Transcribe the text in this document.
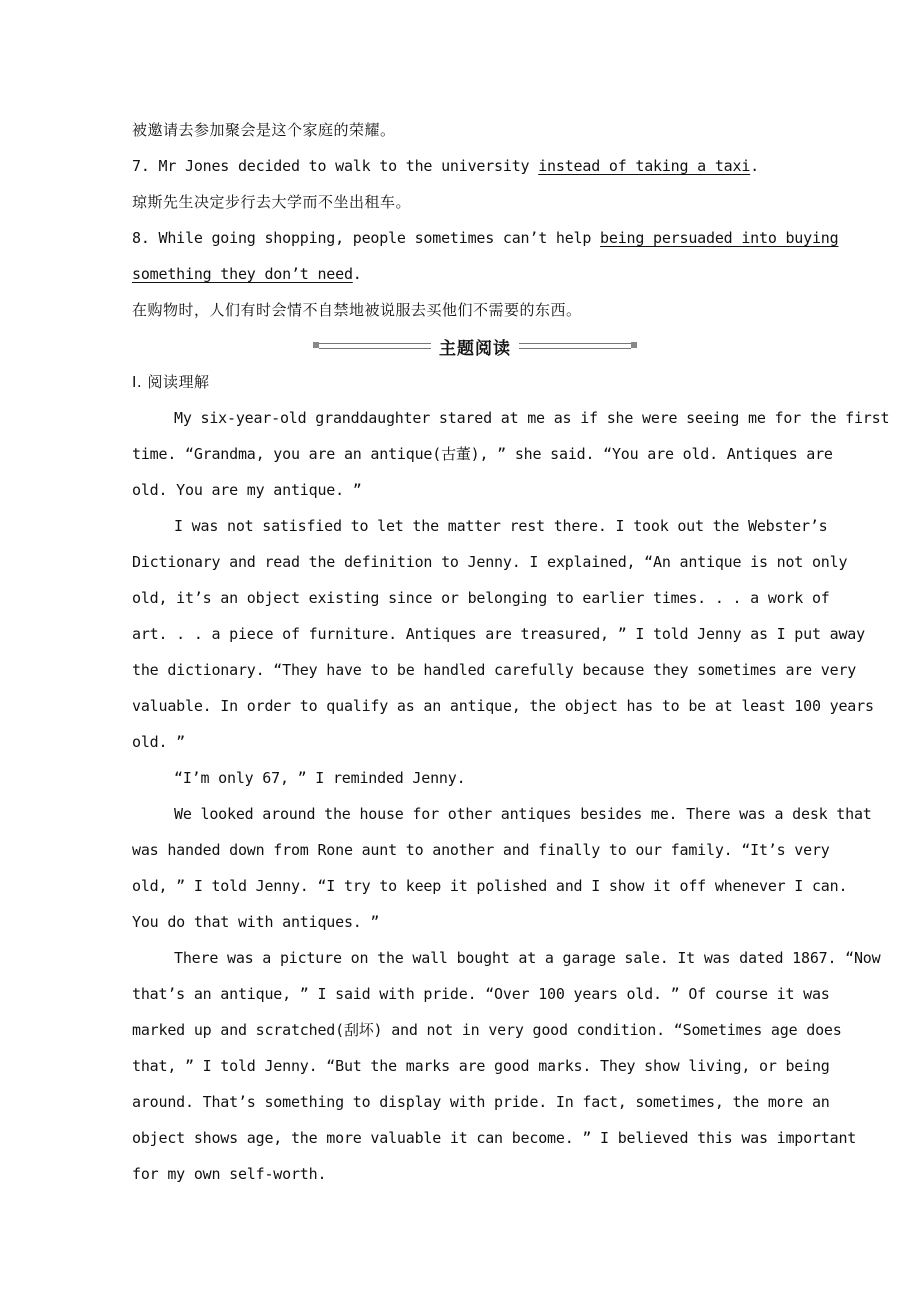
被邀请去参加聚会是这个家庭的荣耀。
7. Mr Jones decided to walk to the university instead of taking a taxi.
琼斯先生决定步行去大学而不坐出租车。
8. While going shopping, people sometimes can’t help being persuaded into buying
something they don’t need.
在购物时，人们有时会情不自禁地被说服去买他们不需要的东西。
主题阅读
Ⅰ. 阅读理解
My six-year-old granddaughter stared at me as if she were seeing me for the first
time. “Grandma, you are an antique(古董), ” she said. “You are old. Antiques are
old. You are my antique. ”
I was not satisfied to let the matter rest there. I took out the Webster’s
Dictionary and read the definition to Jenny. I explained, “An antique is not only
old, it’s an object existing since or belonging to earlier times. . . a work of
art. . . a piece of furniture. Antiques are treasured, ” I told Jenny as I put away
the dictionary. “They have to be handled carefully because they sometimes are very
valuable. In order to qualify as an antique, the object has to be at least 100 years
old. ”
“I’m only 67, ” I reminded Jenny.
We looked around the house for other antiques besides me. There was a desk that
was handed down from Rone aunt to another and finally to our family. “It’s very
old, ” I told Jenny. “I try to keep it polished and I show it off whenever I can.
You do that with antiques. ”
There was a picture on the wall bought at a garage sale. It was dated 1867. “Now
that’s an antique, ” I said with pride. “Over 100 years old. ” Of course it was
marked up and scratched(刮坏) and not in very good condition. “Sometimes age does
that, ” I told Jenny. “But the marks are good marks. They show living, or being
around. That’s something to display with pride. In fact, sometimes, the more an
object shows age, the more valuable it can become. ” I believed this was important
for my own self-worth.
